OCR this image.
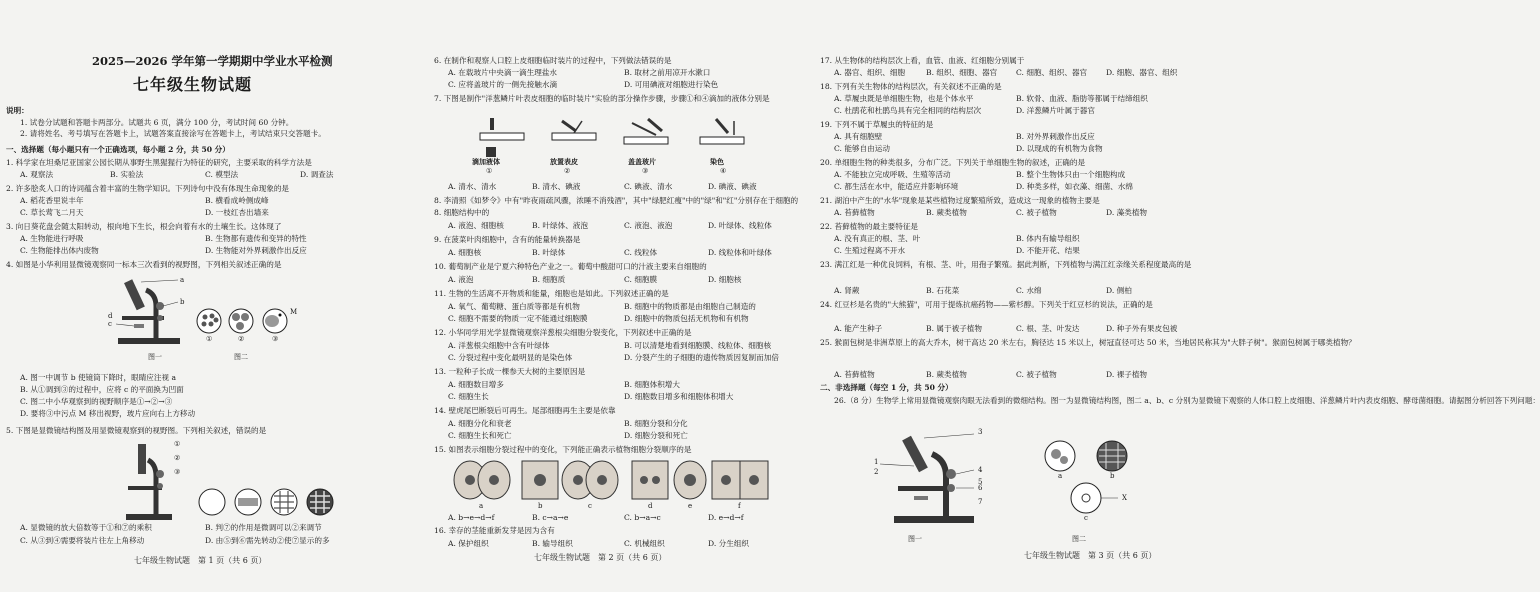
2025—2026 学年第一学期期中学业水平检测
七年级生物试题
说明：
1. 试卷分试题和答题卡两部分。试题共 6 页，满分 100 分，考试时间 60 分钟。
2. 请将姓名、考号填写在答题卡上，试题答案直接涂写在答题卡上，考试结束只交答题卡。
一、选择题（每小题只有一个正确选项，每小题 2 分，共 50 分）
1. 科学家在坦桑尼亚国家公园长期从事野生黑猩猩行为特征的研究，主要采取的科学方法是
A. 观察法	B. 实验法	C. 模型法	D. 调查法
2. 许多脍炙人口的诗词蕴含着丰富的生物学知识。下列诗句中没有体现生命现象的是
A. 稻花香里说丰年	B. 横看成岭侧成峰
C. 草长莺飞二月天	D. 一枝红杏出墙来
3. 向日葵花盘会随太阳转动，根向地下生长，根会向着有水的土壤生长。这体现了
A. 生物能进行呼吸	B. 生物都有遗传和变异的特性
C. 生物能排出体内废物	D. 生物能对外界刺激作出反应
4. 如图是小华利用显微镜观察同一标本三次看到的视野图，下列相关叙述正确的是
a
b
c
d
图一
①	②	③
M
图二
A. 图一中调节 b 使镜筒下降时，眼睛应注视 a
B. 从①调到③的过程中，应将 c 的平面换为凹面
C. 图二中小华观察到的视野顺序是①→②→③
D. 要将③中污点 M 移出视野，玻片应向右上方移动
5. 下图是显微镜结构图及用显微镜观察到的视野图。下列相关叙述，错误的是
①
②
③
A. 显微镜的放大倍数等于①和⑦的乘积	B. 判⑦的作用是微调可以②来调节
C. 从③到④需要将装片往左上角移动	D. 由⑤到⑥需先转动②使⑦显示的多
七年级生物试题　第 1 页（共 6 页）
6. 在制作和观察人口腔上皮细胞临时装片的过程中，下列做法错误的是
A. 在载玻片中央滴一滴生理盐水	B. 取材之前用凉开水漱口
C. 应将盖玻片的一侧先接触水滴	D. 可用碘液对细胞进行染色
7. 下图是制作"洋葱鳞片叶表皮细胞的临时装片"实验的部分操作步骤，步骤①和④滴加的液体分别是
滴加液体	放置表皮	盖盖玻片	染色
①	②	③	④
A. 清水、清水	B. 清水、碘液	C. 碘液、清水	D. 碘液、碘液
8. 李清照《如梦令》中有"昨夜雨疏风骤，浓睡不消残酒"，其中"绿肥红瘦"中的"绿"和"红"分别存在于细胞的
8. 细胞结构中的
A. 液泡、细胞核	B. 叶绿体、液泡	C. 液泡、液泡	D. 叶绿体、线粒体
9. 在菠菜叶肉细胞中，含有的能量转换器是
A. 细胞核	B. 叶绿体	C. 线粒体	D. 线粒体和叶绿体
10. 葡萄制产业是宁夏六种特色产业之一。葡萄中酸甜可口的汁液主要来自细胞的
A. 液泡	B. 细胞质	C. 细胞膜	D. 细胞核
11. 生物的生活离不开物质和能量，细胞也是如此。下列叙述正确的是
A. 氧气、葡萄糖、蛋白质等都是有机物	B. 细胞中的物质都是由细胞自己制造的
C. 细胞不需要的物质一定不能通过细胞膜	D. 细胞中的物质包括无机物和有机物
12. 小华同学用光学显微镜观察洋葱根尖细胞分裂变化，下列叙述中正确的是
A. 洋葱根尖细胞中含有叶绿体	B. 可以清楚地看到细胞膜、线粒体、细胞核
C. 分裂过程中变化最明显的是染色体	D. 分裂产生的子细胞的遗传物质因复制而加倍
13. 一粒种子长成一棵参天大树的主要原因是
A. 细胞数目增多	B. 细胞体积增大
C. 细胞生长	D. 细胞数目增多和细胞体积增大
14. 壁虎尾巴断裂后可再生。尾部细胞再生主要是依靠
A. 细胞分化和衰老	B. 细胞分裂和分化
C. 细胞生长和死亡	D. 细胞分裂和死亡
15. 如图表示细胞分裂过程中的变化，下列能正确表示植物细胞分裂顺序的是
a	b	c	d	e	f
A. b→e→d→f	B. c→a→e	C. b→a→c	D. e→d→f
16. 幸存的茎能重新发芽是因为含有
A. 保护组织	B. 输导组织	C. 机械组织	D. 分生组织
七年级生物试题　第 2 页（共 6 页）
17. 从生物体的结构层次上看，血管、血液、红细胞分别属于
A. 器官、组织、细胞	B. 组织、细胞、器官 C. 细胞、组织、器官 D. 细胞、器官、组织
18. 下列有关生物体的结构层次，有关叙述不正确的是
A. 草履虫既是单细胞生物，也是个体水平	B. 软骨、血液、脂肪等都属于结缔组织
C. 杜鹃花和杜鹃鸟具有完全相同的结构层次	D. 洋葱鳞片叶属于器官
19. 下列不属于草履虫的特征的是
A. 具有细胞壁	B. 对外界刺激作出反应
C. 能够自由运动	D. 以现成的有机物为食物
20. 单细胞生物的种类很多，分布广泛。下列关于单细胞生物的叙述，正确的是
A. 不能独立完成呼吸、生殖等活动	B. 整个生物体只由一个细胞构成
C. 都生活在水中，能适应并影响环境	D. 种类多样，如衣藻、细菌、水绵
21. 湖泊中产生的"水华"现象是某些植物过度繁殖所致，造成这一现象的植物主要是
A. 苔藓植物	B. 蕨类植物	C. 被子植物	D. 藻类植物
22. 苔藓植物的最主要特征是
A. 没有真正的根、茎、叶	B. 体内有输导组织
C. 生殖过程离不开水	D. 不能开花、结果
23. 满江红是一种优良饲料，有根、茎、叶，用孢子繁殖。据此判断，下列植物与满江红亲缘关系程度最高的是
A. 肾蕨	B. 石花菜	C. 水绵	D. 侧柏
24. 红豆杉是名贵的"大熊猫"，可用于提炼抗癌药物——紫杉醇。下列关于红豆杉的说法，正确的是
A. 能产生种子	B. 属于被子植物	C. 根、茎、叶发达	D. 种子外有果皮包被
25. 猴面包树是非洲草原上的高大乔木，树干高达 20 米左右，胸径达 15 米以上，树冠直径可达 50 米，当地居民称其为"大胖子树"。猴面包树属于哪类植物？
A. 苔藓植物	B. 蕨类植物	C. 被子植物	D. 裸子植物
二、非选择题（每空 1 分，共 50 分）
26.（8 分）生物学上常用显微镜观察肉眼无法看到的微细结构。图一为显微镜结构图，图二 a、b、c 分别为显微镜下观察的人体口腔上皮细胞、洋葱鳞片叶内表皮细胞、酵母菌细胞。请据图分析回答下列问题：
3
1
2	4
5
6
7
图一
a	b
c
X
图二
七年级生物试题　第 3 页（共 6 页）
